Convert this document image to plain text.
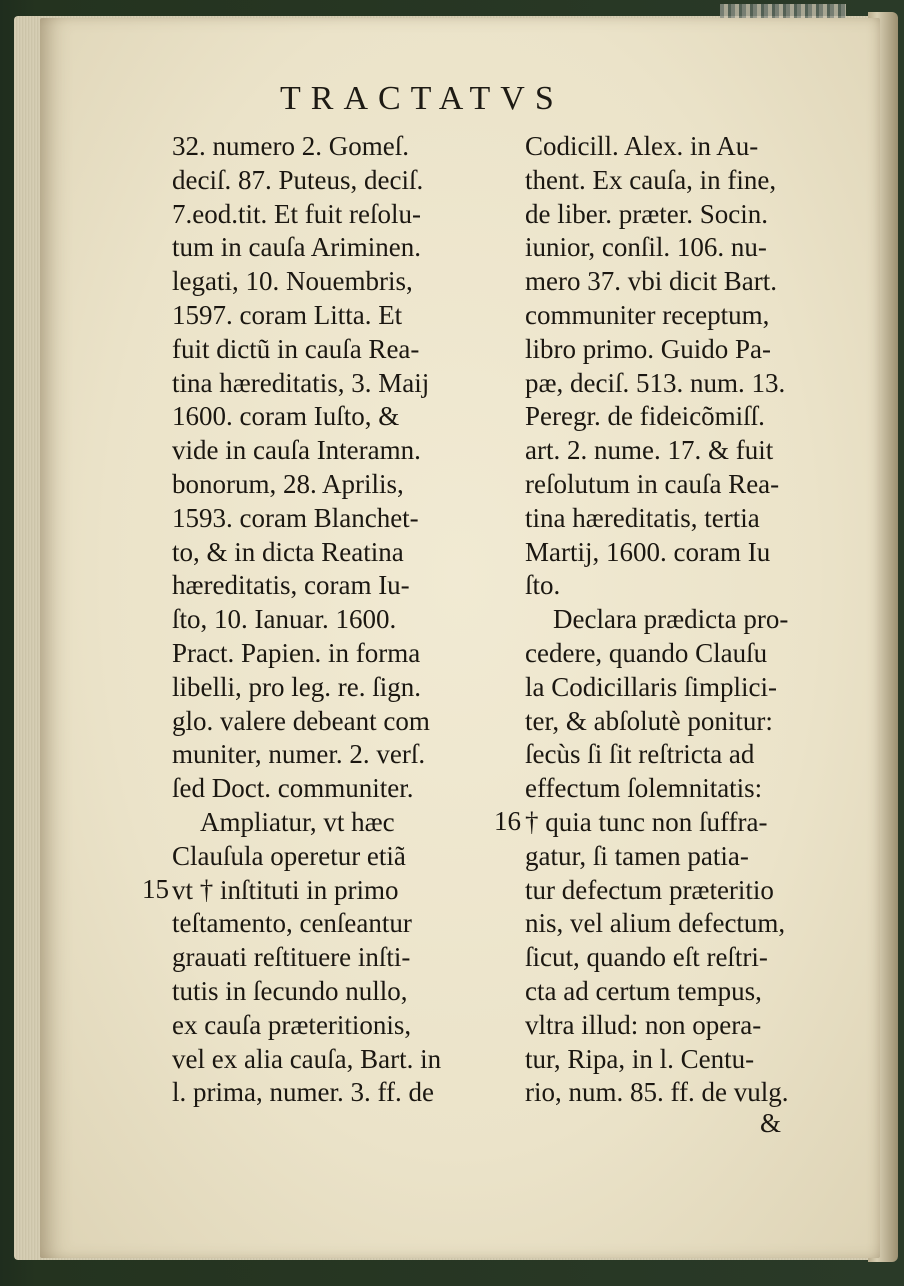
TRACTATVS
32. numero 2. Gomeſ.
deciſ. 87. Puteus, deciſ.
7.eod.tit. Et fuit reſolu-
tum in cauſa Ariminen.
legati, 10. Nouembris,
1597. coram Litta. Et
fuit dictũ in cauſa Rea-
tina hæreditatis, 3. Maij
1600. coram Iuſto, &
vide in cauſa Interamn.
bonorum, 28. Aprilis,
1593. coram Blanchet-
to, & in dicta Reatina
hæreditatis, coram Iu-
ſto, 10. Ianuar. 1600.
Pract. Papien. in forma
libelli, pro leg. re. ſign.
glo. valere debeant com
muniter, numer. 2. verſ.
ſed Doct. communiter.
Ampliatur, vt hæc
Clauſula operetur etiã
vt † inſtituti in primo
teſtamento, cenſeantur
grauati reſtituere inſti-
tutis in ſecundo nullo,
ex cauſa præteritionis,
vel ex alia cauſa, Bart. in
l. prima, numer. 3. ff. de
Codicill. Alex. in Au-
thent. Ex cauſa, in fine,
de liber. præter. Socin.
iunior, conſil. 106. nu-
mero 37. vbi dicit Bart.
communiter receptum,
libro primo. Guido Pa-
pæ, deciſ. 513. num. 13.
Peregr. de fideicõmiſſ.
art. 2. nume. 17. & fuit
reſolutum in cauſa Rea-
tina hæreditatis, tertia
Martij, 1600. coram Iu
ſto.
Declara prædicta pro-
cedere, quando Clauſu
la Codicillaris ſimplici-
ter, & abſolutè ponitur:
ſecùs ſi ſit reſtricta ad
effectum ſolemnitatis:
† quia tunc non ſuffra-
gatur, ſi tamen patia-
tur defectum præteritio
nis, vel alium defectum,
ſicut, quando eſt reſtri-
cta ad certum tempus,
vltra illud: non opera-
tur, Ripa, in l. Centu-
rio, num. 85. ff. de vulg.
15
16
&
